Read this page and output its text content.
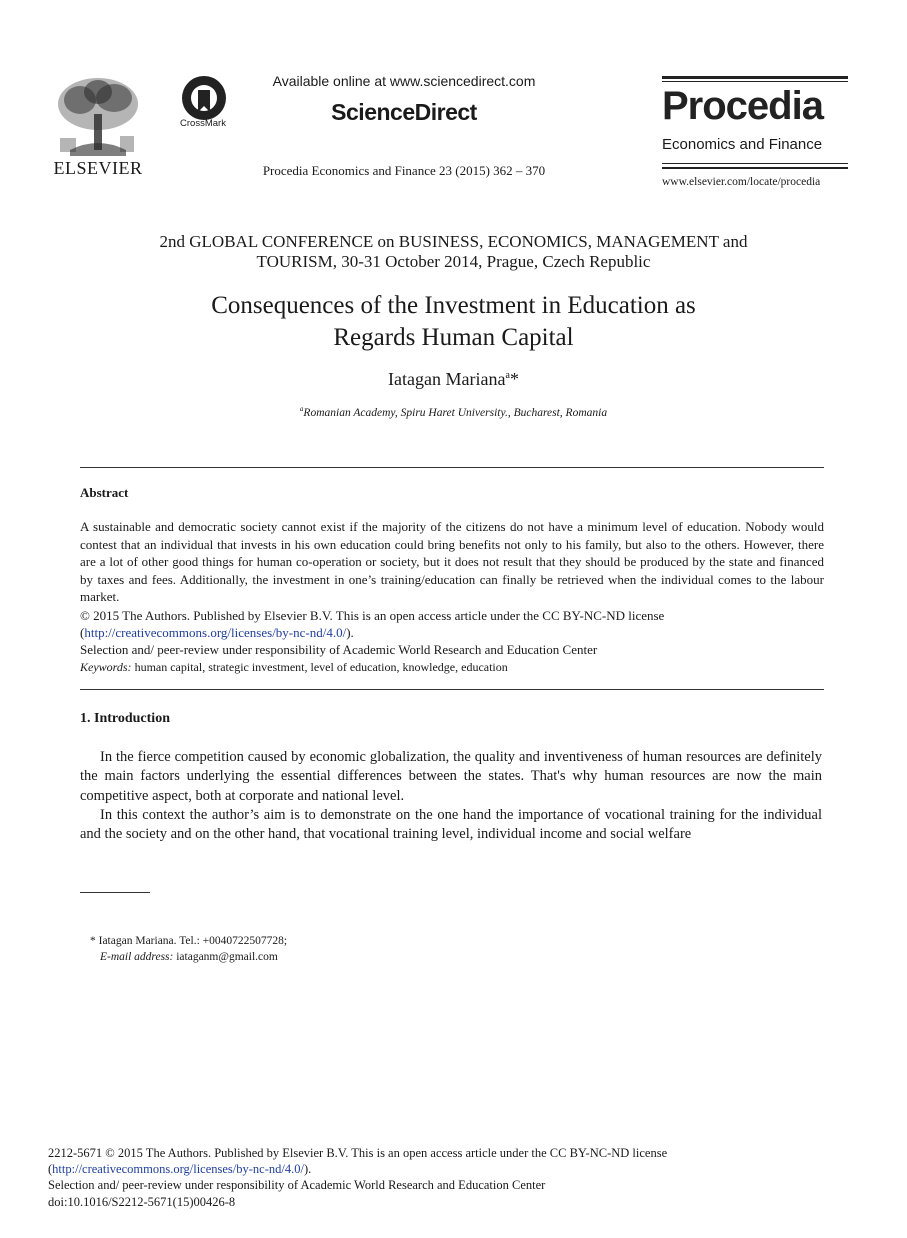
ELSEVIER
CrossMark
Available online at www.sciencedirect.com
ScienceDirect
Procedia Economics and Finance 23 (2015) 362 – 370
Procedia
Economics and Finance
www.elsevier.com/locate/procedia
2nd GLOBAL CONFERENCE on BUSINESS, ECONOMICS, MANAGEMENT and
TOURISM, 30-31 October 2014, Prague, Czech Republic
Consequences of the Investment in Education as
Regards Human Capital
Iatagan Mariana$^a$*
$^a$Romanian Academy, Spiru Haret University., Bucharest, Romania
Abstract
A sustainable and democratic society cannot exist if the majority of the citizens do not have a minimum level of education. Nobody would contest that an individual that invests in his own education could bring benefits not only to his family, but also to the others. However, there are a lot of other good things for human co-operation or society, but it does not result that they should be produced by the state and financed by taxes and fees. Additionally, the investment in one’s training/education can finally be retrieved when the individual comes to the labour market.
© 2015 The Authors. Published by Elsevier B.V. This is an open access article under the CC BY-NC-ND license
(http://creativecommons.org/licenses/by-nc-nd/4.0/).
Selection and/ peer-review under responsibility of Academic World Research and Education Center
Keywords: human capital, strategic investment, level of education, knowledge, education
1. Introduction
In the fierce competition caused by economic globalization, the quality and inventiveness of human resources are definitely the main factors underlying the essential differences between the states. That's why human resources are now the main competitive aspect, both at corporate and national level.
In this context the author’s aim is to demonstrate on the one hand the importance of vocational training for the individual and the society and on the other hand, that vocational training level, individual income and social welfare
* Iatagan Mariana. Tel.: +0040722507728;
E-mail address: iataganm@gmail.com
2212-5671 © 2015 The Authors. Published by Elsevier B.V. This is an open access article under the CC BY-NC-ND license
(http://creativecommons.org/licenses/by-nc-nd/4.0/).
Selection and/ peer-review under responsibility of Academic World Research and Education Center
doi:10.1016/S2212-5671(15)00426-8
